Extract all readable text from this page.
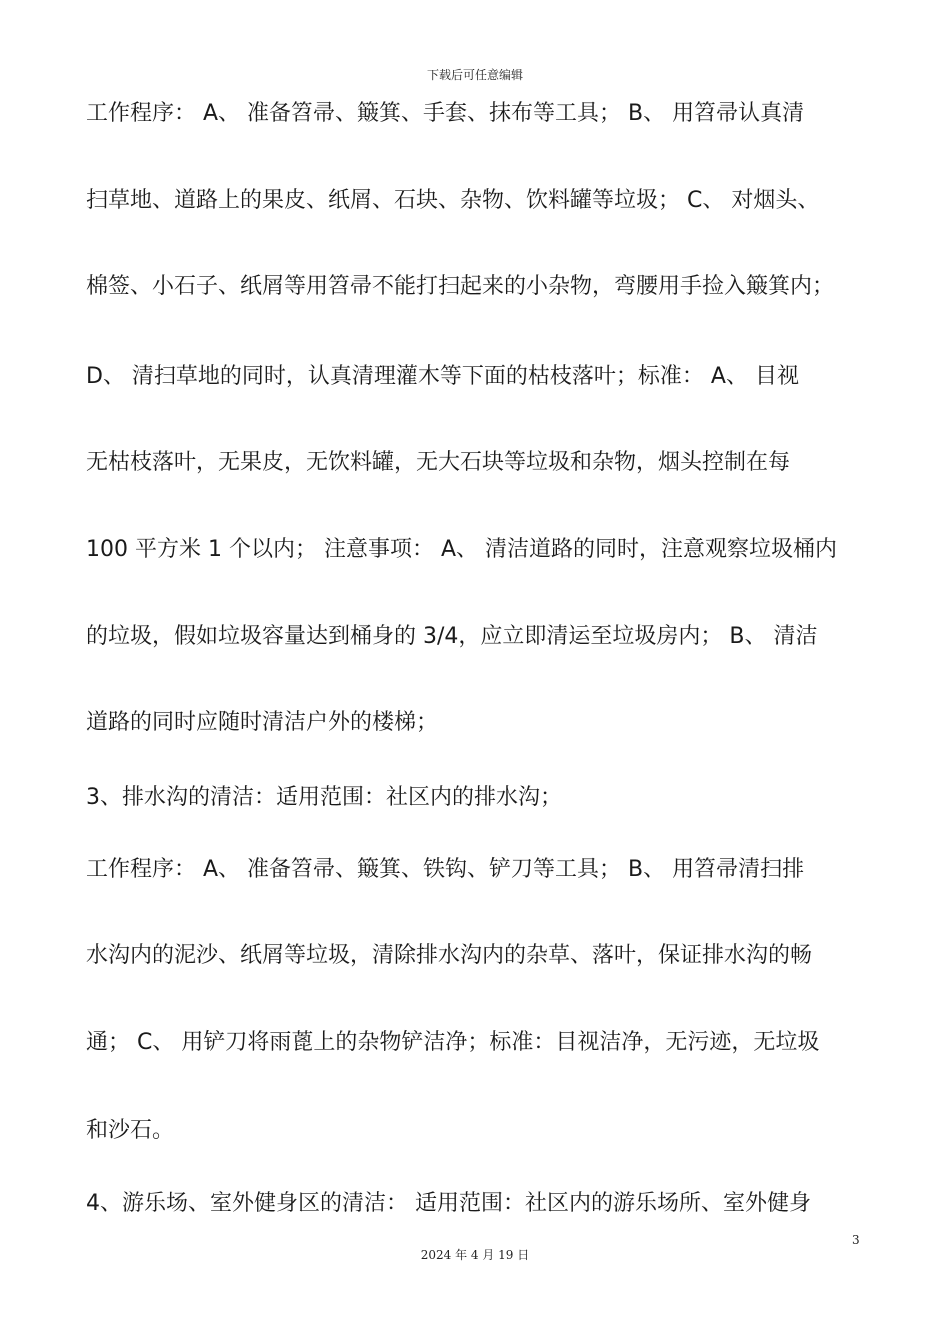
下载后可任意编辑
工作程序： A、 准备笤帚、簸箕、手套、抹布等工具； B、 用笤帚认真清
扫草地、道路上的果皮、纸屑、石块、杂物、饮料罐等垃圾； C、 对烟头、
棉签、小石子、纸屑等用笤帚不能打扫起来的小杂物，弯腰用手捡入簸箕内；
D、 清扫草地的同时，认真清理灌木等下面的枯枝落叶；标准： A、 目视
无枯枝落叶，无果皮，无饮料罐，无大石块等垃圾和杂物，烟头控制在每
100 平方米 1 个以内； 注意事项： A、 清洁道路的同时，注意观察垃圾桶内
的垃圾，假如垃圾容量达到桶身的 3/4，应立即清运至垃圾房内； B、 清洁
道路的同时应随时清洁户外的楼梯；
3、排水沟的清洁：适用范围：社区内的排水沟；
工作程序： A、 准备笤帚、簸箕、铁钩、铲刀等工具； B、 用笤帚清扫排
水沟内的泥沙、纸屑等垃圾，清除排水沟内的杂草、落叶，保证排水沟的畅
通； C、 用铲刀将雨蓖上的杂物铲洁净；标准：目视洁净，无污迹，无垃圾
和沙石。
4、游乐场、室外健身区的清洁： 适用范围：社区内的游乐场所、室外健身
3
2024 年 4 月 19 日
